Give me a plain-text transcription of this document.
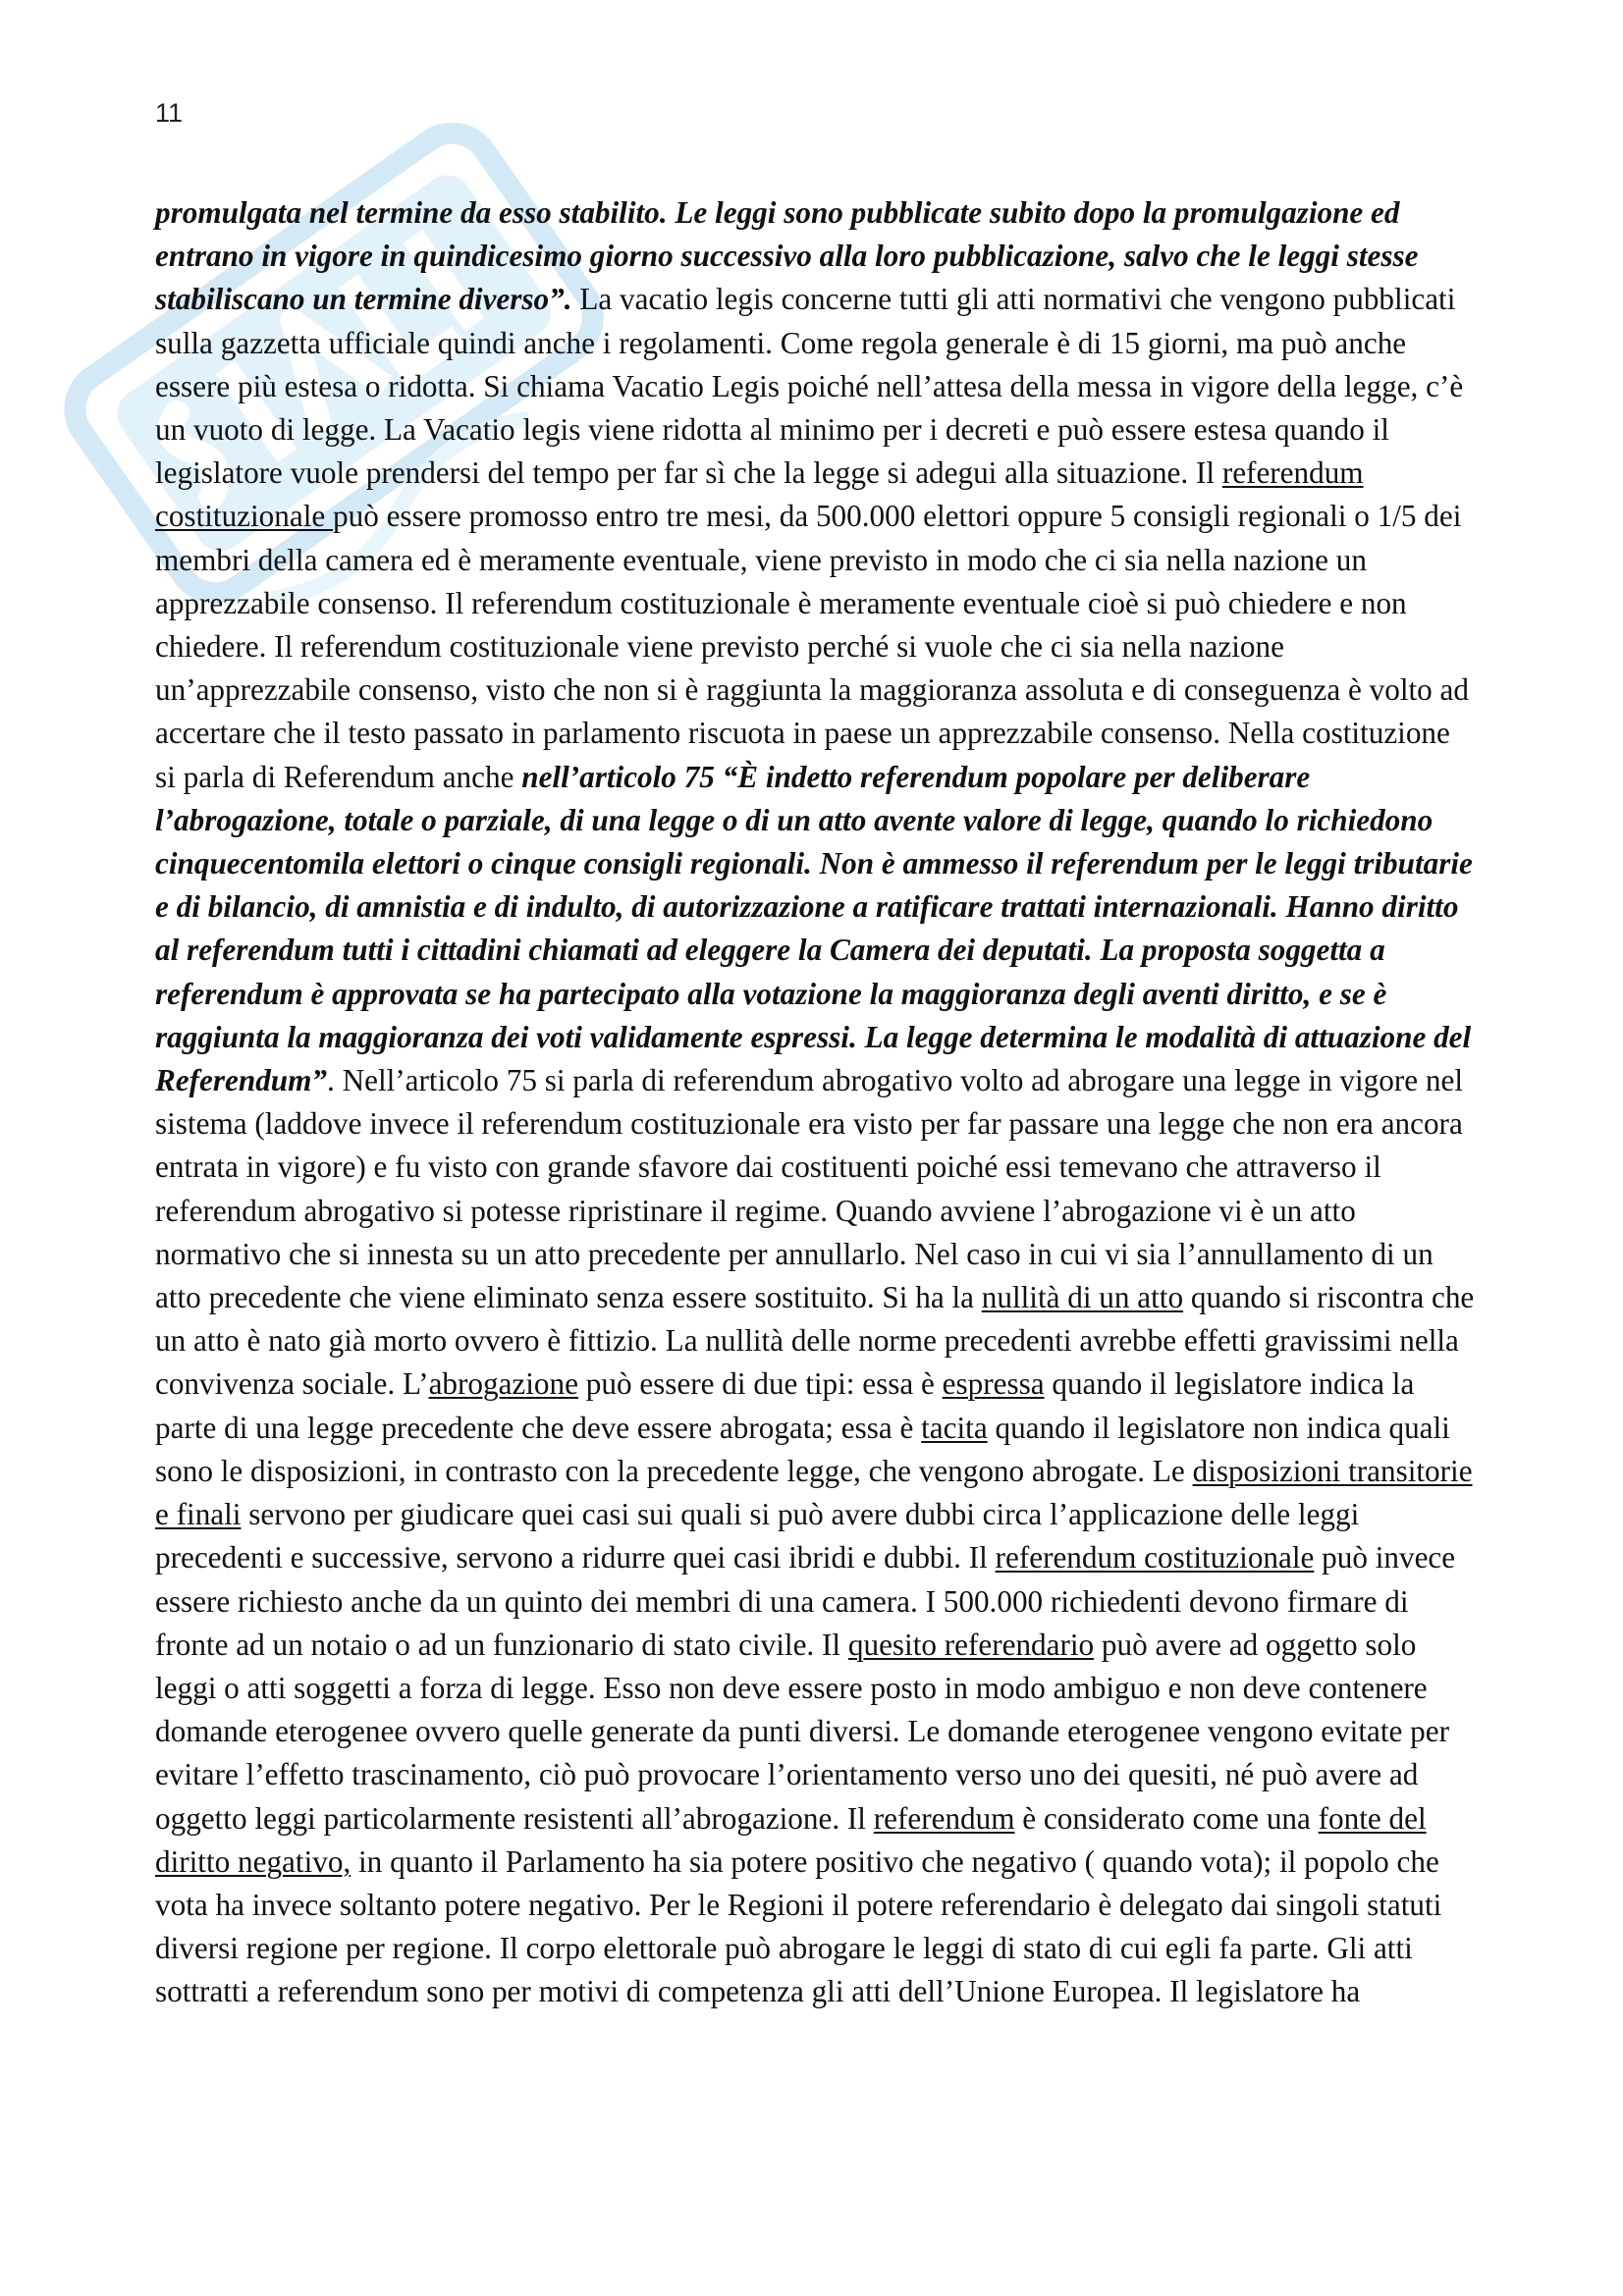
11

promulgata nel termine da esso stabilito. Le leggi sono pubblicate subito dopo la promulgazione ed entrano in vigore in quindicesimo giorno successivo alla loro pubblicazione, salvo che le leggi stesse stabiliscano un termine diverso”. La vacatio legis concerne tutti gli atti normativi che vengono pubblicati sulla gazzetta ufficiale quindi anche i regolamenti. Come regola generale è di 15 giorni, ma può anche essere più estesa o ridotta. Si chiama Vacatio Legis poiché nell’attesa della messa in vigore della legge, c’è un vuoto di legge. La Vacatio legis viene ridotta al minimo per i decreti e può essere estesa quando il legislatore vuole prendersi del tempo per far sì che la legge si adegui alla situazione. Il referendum costituzionale può essere promosso entro tre mesi, da 500.000 elettori oppure 5 consigli regionali o 1/5 dei membri della camera ed è meramente eventuale, viene previsto in modo che ci sia nella nazione un apprezzabile consenso. Il referendum costituzionale è meramente eventuale cioè si può chiedere e non chiedere. Il referendum costituzionale viene previsto perché si vuole che ci sia nella nazione un’apprezzabile consenso, visto che non si è raggiunta la maggioranza assoluta e di conseguenza è volto ad accertare che il testo passato in parlamento riscuota in paese un apprezzabile consenso. Nella costituzione si parla di Referendum anche nell’articolo 75 “È indetto referendum popolare per deliberare l’abrogazione, totale o parziale, di una legge o di un atto avente valore di legge, quando lo richiedono cinquecentomila elettori o cinque consigli regionali. Non è ammesso il referendum per le leggi tributarie e di bilancio, di amnistia e di indulto, di autorizzazione a ratificare trattati internazionali. Hanno diritto al referendum tutti i cittadini chiamati ad eleggere la Camera dei deputati. La proposta soggetta a referendum è approvata se ha partecipato alla votazione la maggioranza degli aventi diritto, e se è raggiunta la maggioranza dei voti validamente espressi. La legge determina le modalità di attuazione del Referendum”. Nell’articolo 75 si parla di referendum abrogativo volto ad abrogare una legge in vigore nel sistema (laddove invece il referendum costituzionale era visto per far passare una legge che non era ancora entrata in vigore) e fu visto con grande sfavore dai costituenti poiché essi temevano che attraverso il referendum abrogativo si potesse ripristinare il regime. Quando avviene l’abrogazione vi è un atto normativo che si innesta su un atto precedente per annullarlo. Nel caso in cui vi sia l’annullamento di un atto precedente che viene eliminato senza essere sostituito. Si ha la nullità di un atto quando si riscontra che un atto è nato già morto ovvero è fittizio. La nullità delle norme precedenti avrebbe effetti gravissimi nella convivenza sociale. L’abrogazione può essere di due tipi: essa è espressa quando il legislatore indica la parte di una legge precedente che deve essere abrogata; essa è tacita quando il legislatore non indica quali sono le disposizioni, in contrasto con la precedente legge, che vengono abrogate. Le disposizioni transitorie e finali servono per giudicare quei casi sui quali si può avere dubbi circa l’applicazione delle leggi precedenti e successive, servono a ridurre quei casi ibridi e dubbi. Il referendum costituzionale può invece essere richiesto anche da un quinto dei membri di una camera. I 500.000 richiedenti devono firmare di fronte ad un notaio o ad un funzionario di stato civile. Il quesito referendario può avere ad oggetto solo leggi o atti soggetti a forza di legge. Esso non deve essere posto in modo ambiguo e non deve contenere domande eterogenee ovvero quelle generate da punti diversi. Le domande eterogenee vengono evitate per evitare l’effetto trascinamento, ciò può provocare l’orientamento verso uno dei quesiti, né può avere ad oggetto leggi particolarmente resistenti all’abrogazione. Il referendum è considerato come una fonte del diritto negativo, in quanto il Parlamento ha sia potere positivo che negativo ( quando vota); il popolo che vota ha invece soltanto potere negativo. Per le Regioni il potere referendario è delegato dai singoli statuti diversi regione per regione. Il corpo elettorale può abrogare le leggi di stato di cui egli fa parte. Gli atti sottratti a referendum sono per motivi di competenza gli atti dell’Unione Europea. Il legislatore ha
